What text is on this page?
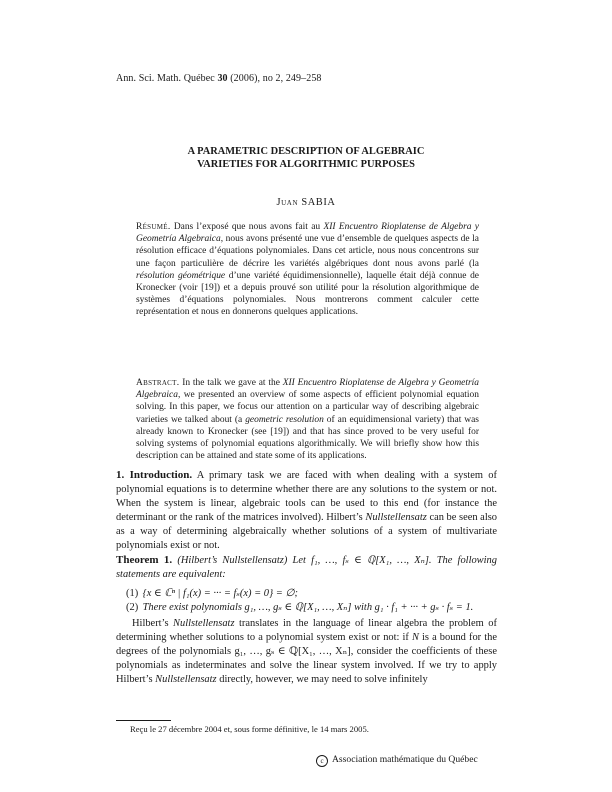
Ann. Sci. Math. Québec 30 (2006), no 2, 249–258
A PARAMETRIC DESCRIPTION OF ALGEBRAIC
VARIETIES FOR ALGORITHMIC PURPOSES
Juan SABIA
Résumé. Dans l’exposé que nous avons fait au XII Encuentro Rioplatense de Algebra y Geometría Algebraica, nous avons présenté une vue d’ensemble de quelques aspects de la résolution efficace d’équations polynomiales. Dans cet article, nous nous concentrons sur une façon particulière de décrire les variétés algébriques dont nous avons parlé (la résolution géométrique d’une variété équidimensionnelle), laquelle était déjà connue de Kronecker (voir [19]) et a depuis prouvé son utilité pour la résolution algorithmique de systèmes d’équations polynomiales. Nous montrerons comment calculer cette représentation et nous en donnerons quelques applications.
Abstract. In the talk we gave at the XII Encuentro Rioplatense de Algebra y Geometría Algebraica, we presented an overview of some aspects of efficient polynomial equation solving. In this paper, we focus our attention on a particular way of describing algebraic varieties we talked about (a geometric resolution of an equidimensional variety) that was already known to Kronecker (see [19]) and that has since proved to be very useful for solving systems of polynomial equations algorithmically. We will briefly show how this description can be attained and state some of its applications.
1. Introduction. A primary task we are faced with when dealing with a system of polynomial equations is to determine whether there are any solutions to the system or not. When the system is linear, algebraic tools can be used to this end (for instance the determinant or the rank of the matrices involved). Hilbert’s Nullstellensatz can be seen also as a way of determining algebraically whether solutions of a system of multivariate polynomials exist or not.
Theorem 1. (Hilbert’s Nullstellensatz) Let f₁, …, fₛ ∈ ℚ[X₁, …, Xₙ]. The following statements are equivalent:
(1) {x ∈ ℂⁿ | f₁(x) = ··· = fₛ(x) = 0} = ∅;
(2) There exist polynomials g₁, …, gₛ ∈ ℚ[X₁, …, Xₙ] with g₁ · f₁ + ··· + gₛ · fₛ = 1.
Hilbert’s Nullstellensatz translates in the language of linear algebra the problem of determining whether solutions to a polynomial system exist or not: if N is a bound for the degrees of the polynomials g₁, …, gₛ ∈ ℚ[X₁, …, Xₙ], consider the coefficients of these polynomials as indeterminates and solve the linear system involved. If we try to apply Hilbert’s Nullstellensatz directly, however, we may need to solve infinitely
Reçu le 27 décembre 2004 et, sous forme définitive, le 14 mars 2005.
c Association mathématique du Québec
